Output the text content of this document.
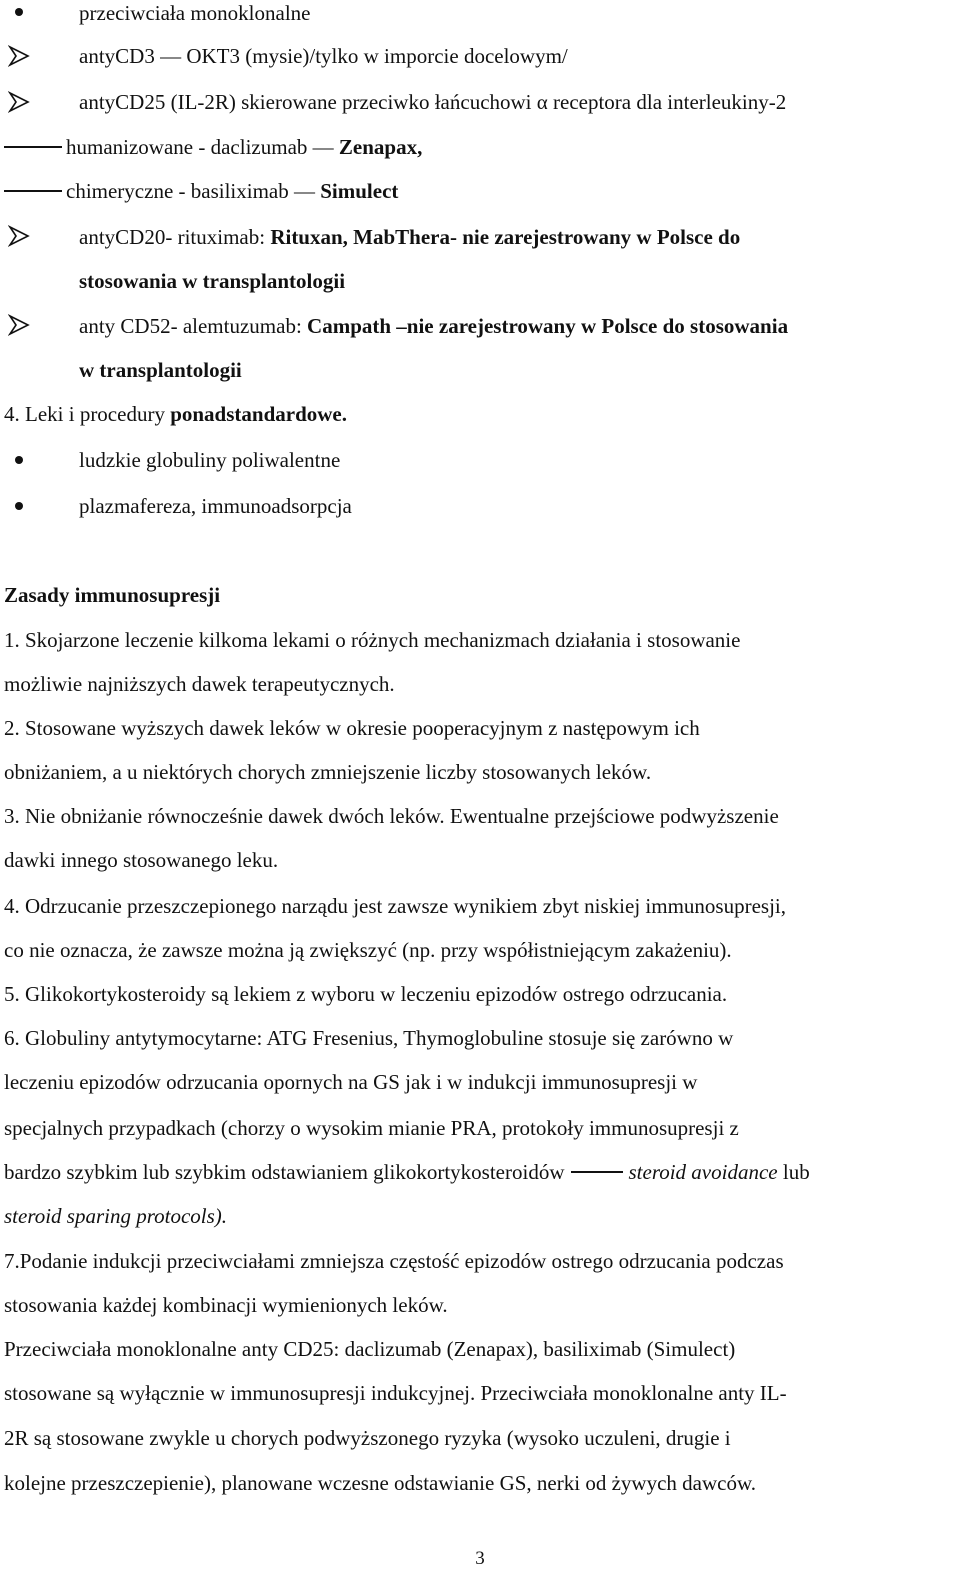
przeciwciała monoklonalne
antyCD3 — OKT3 (mysie)/tylko w imporcie docelowym/
antyCD25 (IL-2R) skierowane przeciwko łańcuchowi α receptora dla interleukiny-2
humanizowane - daclizumab — Zenapax,
chimeryczne - basiliximab — Simulect
antyCD20- rituximab: Rituxan, MabThera- nie zarejestrowany w Polsce do
stosowania w transplantologii
anty CD52- alemtuzumab: Campath –nie zarejestrowany w Polsce do stosowania
w transplantologii
4. Leki i procedury ponadstandardowe.
ludzkie globuliny poliwalentne
plazmafereza, immunoadsorpcja
Zasady immunosupresji
1. Skojarzone leczenie kilkoma lekami o różnych mechanizmach działania i stosowanie
możliwie najniższych dawek terapeutycznych.
2. Stosowane wyższych dawek leków w okresie pooperacyjnym z następowym ich
obniżaniem, a u niektórych chorych zmniejszenie liczby stosowanych leków.
3. Nie obniżanie równocześnie dawek dwóch leków. Ewentualne przejściowe podwyższenie
dawki innego stosowanego leku.
4. Odrzucanie przeszczepionego narządu jest zawsze wynikiem zbyt niskiej immunosupresji,
co nie oznacza, że zawsze można ją zwiększyć (np. przy współistniejącym zakażeniu).
5. Glikokortykosteroidy są lekiem z wyboru w leczeniu epizodów ostrego odrzucania.
6. Globuliny antytymocytarne: ATG Fresenius, Thymoglobuline stosuje się zarówno w
leczeniu epizodów odrzucania opornych na GS jak i w indukcji immunosupresji w
specjalnych przypadkach (chorzy o wysokim mianie PRA, protokoły immunosupresji z
bardzo szybkim lub szybkim odstawianiem glikokortykosteroidów	steroid avoidance lub
steroid sparing protocols).
7.Podanie indukcji przeciwciałami zmniejsza częstość epizodów ostrego odrzucania podczas
stosowania każdej kombinacji wymienionych leków.
Przeciwciała monoklonalne anty CD25: daclizumab (Zenapax), basiliximab (Simulect)
stosowane są wyłącznie w immunosupresji indukcyjnej. Przeciwciała monoklonalne anty IL-
2R są stosowane zwykle u chorych podwyższonego ryzyka (wysoko uczuleni, drugie i
kolejne przeszczepienie), planowane wczesne odstawianie GS, nerki od żywych dawców.
3
